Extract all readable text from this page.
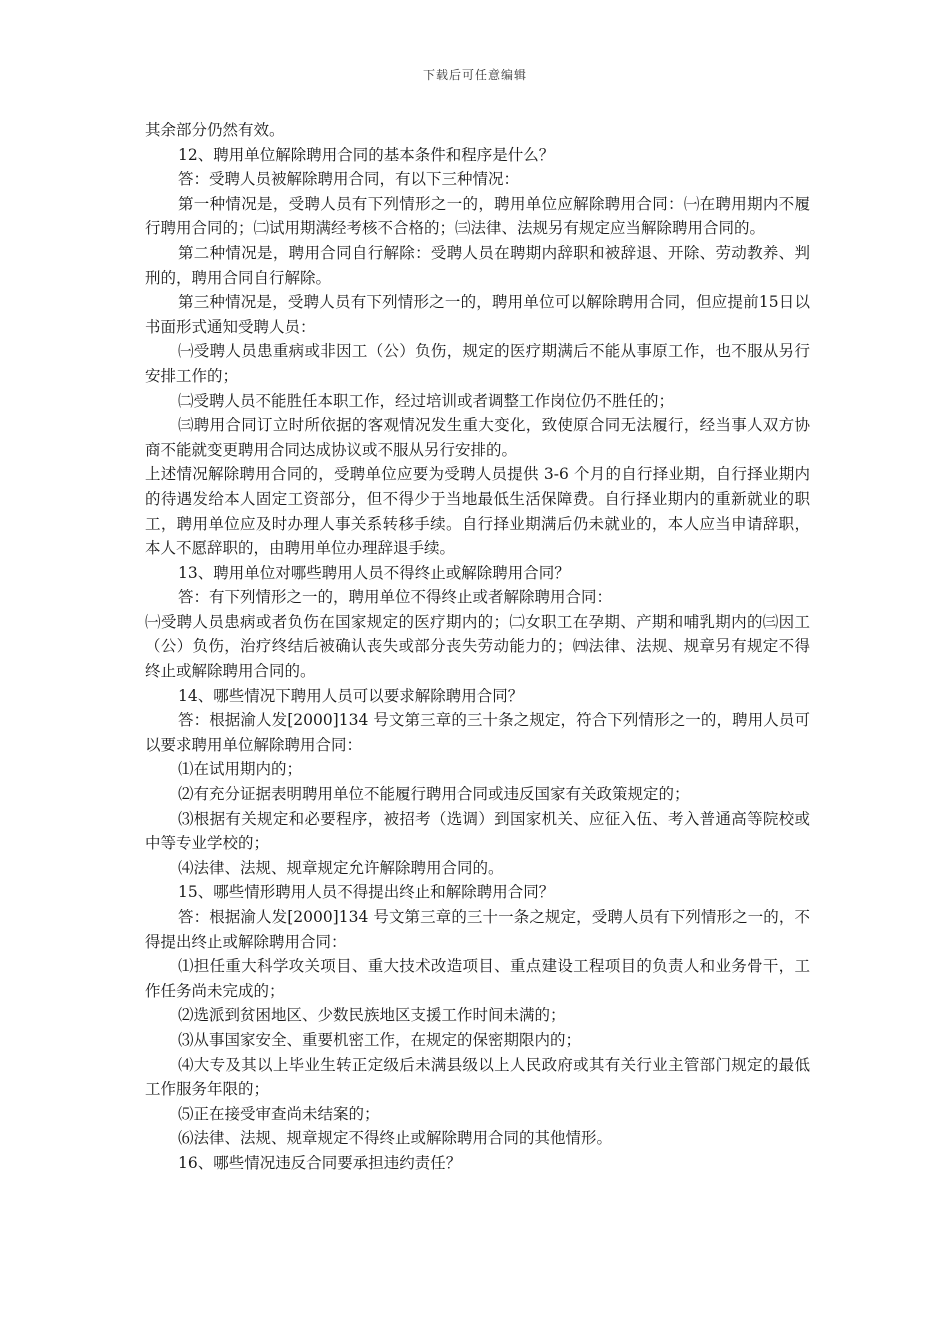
下载后可任意编辑

其余部分仍然有效。

12、聘用单位解除聘用合同的基本条件和程序是什么？

答：受聘人员被解除聘用合同，有以下三种情况：

第一种情况是，受聘人员有下列情形之一的，聘用单位应解除聘用合同：㈠在聘用期内不履行聘用合同的；㈡试用期满经考核不合格的；㈢法律、法规另有规定应当解除聘用合同的。

第二种情况是，聘用合同自行解除：受聘人员在聘期内辞职和被辞退、开除、劳动教养、判刑的，聘用合同自行解除。

第三种情况是，受聘人员有下列情形之一的，聘用单位可以解除聘用合同，但应提前15日以书面形式通知受聘人员：

㈠受聘人员患重病或非因工（公）负伤，规定的医疗期满后不能从事原工作，也不服从另行安排工作的；

㈡受聘人员不能胜任本职工作，经过培训或者调整工作岗位仍不胜任的；

㈢聘用合同订立时所依据的客观情况发生重大变化，致使原合同无法履行，经当事人双方协商不能就变更聘用合同达成协议或不服从另行安排的。

上述情况解除聘用合同的，受聘单位应要为受聘人员提供 3-6 个月的自行择业期，自行择业期内的待遇发给本人固定工资部分，但不得少于当地最低生活保障费。自行择业期内的重新就业的职工，聘用单位应及时办理人事关系转移手续。自行择业期满后仍未就业的，本人应当申请辞职，本人不愿辞职的，由聘用单位办理辞退手续。

13、聘用单位对哪些聘用人员不得终止或解除聘用合同？

答：有下列情形之一的，聘用单位不得终止或者解除聘用合同：

㈠受聘人员患病或者负伤在国家规定的医疗期内的；㈡女职工在孕期、产期和哺乳期内的㈢因工（公）负伤，治疗终结后被确认丧失或部分丧失劳动能力的；㈣法律、法规、规章另有规定不得终止或解除聘用合同的。

14、哪些情况下聘用人员可以要求解除聘用合同？

答：根据渝人发[2000]134 号文第三章的三十条之规定，符合下列情形之一的，聘用人员可以要求聘用单位解除聘用合同：

⑴在试用期内的；

⑵有充分证据表明聘用单位不能履行聘用合同或违反国家有关政策规定的；

⑶根据有关规定和必要程序，被招考（选调）到国家机关、应征入伍、考入普通高等院校或中等专业学校的；

⑷法律、法规、规章规定允许解除聘用合同的。

15、哪些情形聘用人员不得提出终止和解除聘用合同？

答：根据渝人发[2000]134 号文第三章的三十一条之规定，受聘人员有下列情形之一的，不得提出终止或解除聘用合同：

⑴担任重大科学攻关项目、重大技术改造项目、重点建设工程项目的负责人和业务骨干，工作任务尚未完成的；

⑵选派到贫困地区、少数民族地区支援工作时间未满的；

⑶从事国家安全、重要机密工作，在规定的保密期限内的；

⑷大专及其以上毕业生转正定级后未满县级以上人民政府或其有关行业主管部门规定的最低工作服务年限的；

⑸正在接受审查尚未结案的；

⑹法律、法规、规章规定不得终止或解除聘用合同的其他情形。

16、哪些情况违反合同要承担违约责任？
